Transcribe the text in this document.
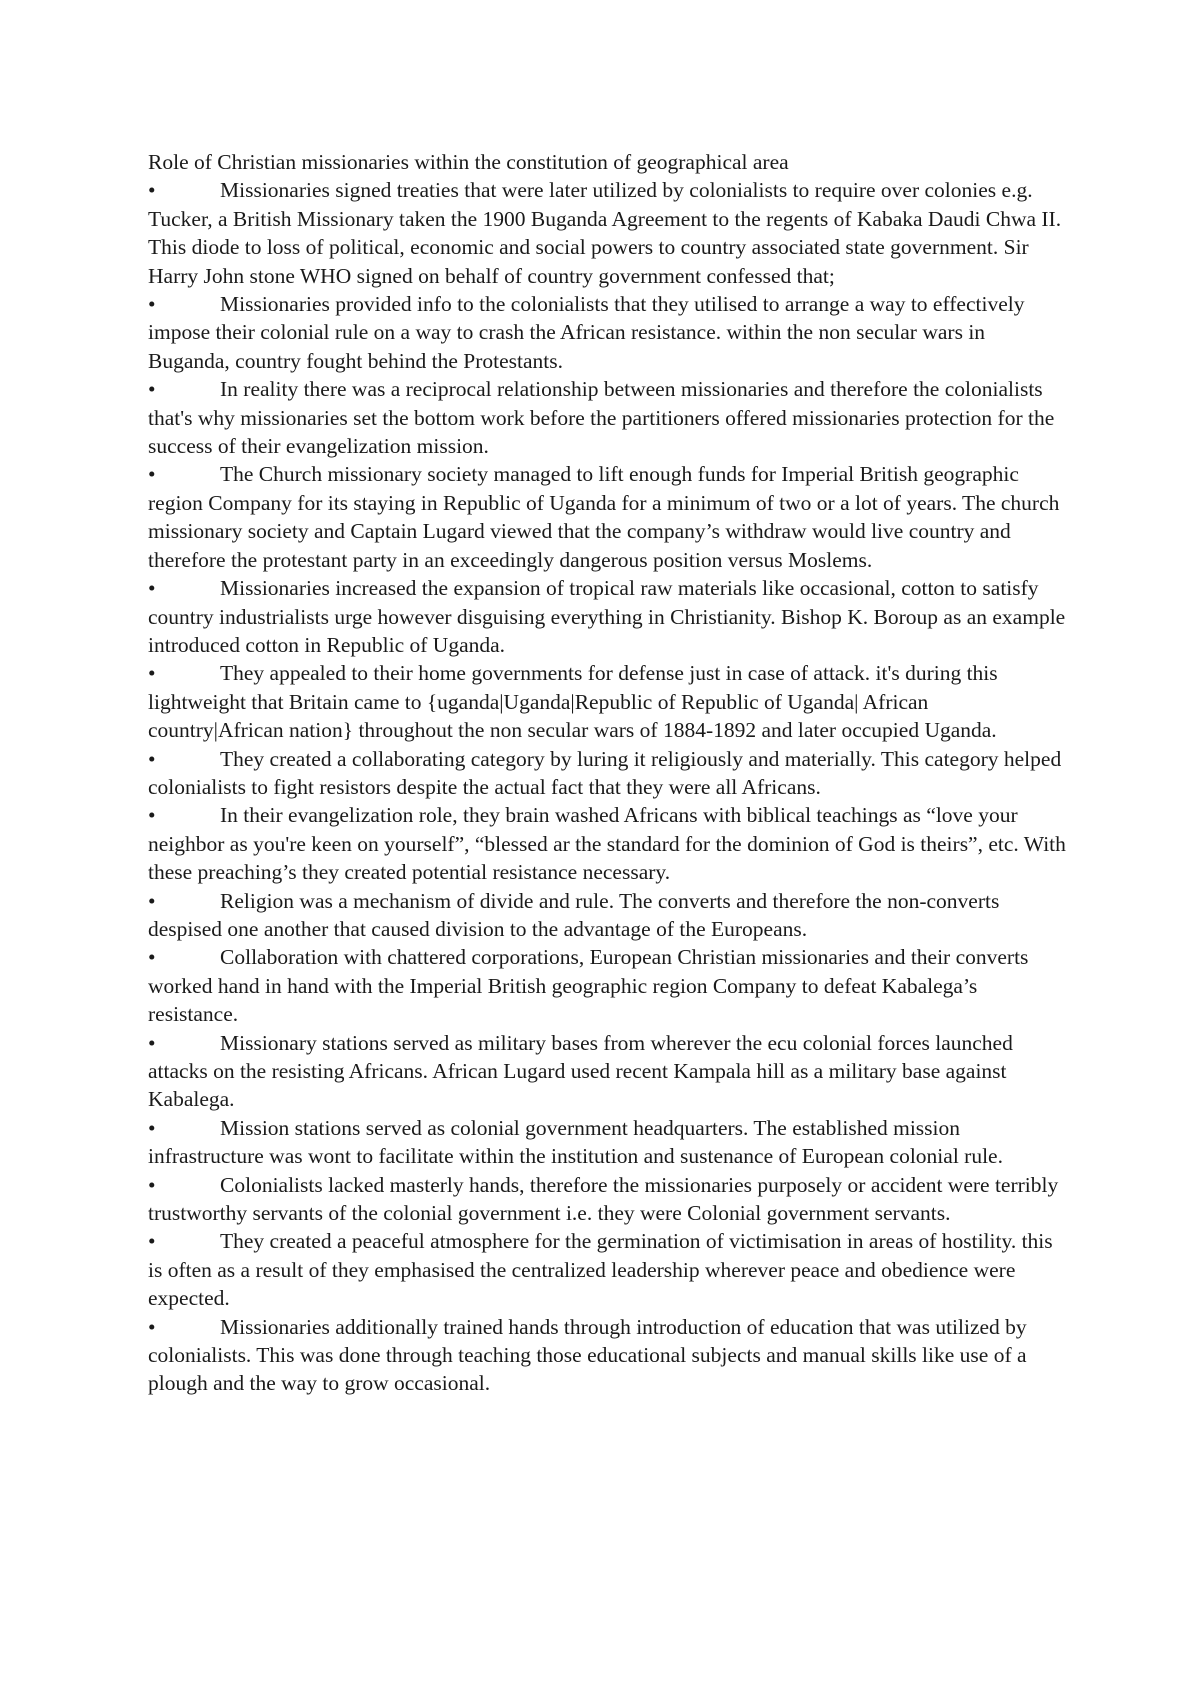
Role of Christian missionaries within the constitution of geographical area

•	Missionaries signed treaties that were later utilized by colonialists to require over colonies e.g. Tucker, a British Missionary taken the 1900 Buganda Agreement to the regents of Kabaka Daudi Chwa II. This diode to loss of political, economic and social powers to country associated state government. Sir Harry John stone WHO signed on behalf of country government confessed that;
•	Missionaries provided info to the colonialists that they utilised to arrange a way to effectively impose their colonial rule on a way to crash the African resistance. within the non secular wars in Buganda, country fought behind the Protestants.
•	In reality there was a reciprocal relationship between missionaries and therefore the colonialists that's why missionaries set the bottom work before the partitioners offered missionaries protection for the success of their evangelization mission.
•	The Church missionary society managed to lift enough funds for Imperial British geographic region Company for its staying in Republic of Uganda for a minimum of two or a lot of years. The church missionary society and Captain Lugard viewed that the company’s withdraw would live country and therefore the protestant party in an exceedingly dangerous position versus Moslems.
•	Missionaries increased the expansion of tropical raw materials like occasional, cotton to satisfy country industrialists urge however disguising everything in Christianity. Bishop K. Boroup as an example introduced cotton in Republic of Uganda.
•	They appealed to their home governments for defense just in case of attack. it's during this lightweight that Britain came to {uganda|Uganda|Republic of Republic of Uganda| African country|African nation} throughout the non secular wars of 1884-1892 and later occupied Uganda.
•	They created a collaborating category by luring it religiously and materially. This category helped colonialists to fight resistors despite the actual fact that they were all Africans.
•	In their evangelization role, they brain washed Africans with biblical teachings as “love your neighbor as you're keen on yourself”, “blessed ar the standard for the dominion of God is theirs”, etc. With these preaching’s they created potential resistance necessary.
•	Religion was a mechanism of divide and rule. The converts and therefore the non-converts despised one another that caused division to the advantage of the Europeans.
•	Collaboration with chattered corporations, European Christian missionaries and their converts worked hand in hand with the Imperial British geographic region Company to defeat Kabalega’s resistance.
•	Missionary stations served as military bases from wherever the ecu colonial forces launched attacks on the resisting Africans. African Lugard used recent Kampala hill as a military base against Kabalega.
•	Mission stations served as colonial government headquarters. The established mission infrastructure was wont to facilitate within the institution and sustenance of European colonial rule.
•	Colonialists lacked masterly hands, therefore the missionaries purposely or accident were terribly trustworthy servants of the colonial government i.e. they were Colonial government servants.
•	They created a peaceful atmosphere for the germination of victimisation in areas of hostility. this is often as a result of they emphasised the centralized leadership wherever peace and obedience were expected.
•	Missionaries additionally trained hands through introduction of education that was utilized by colonialists. This was done through teaching those educational subjects and manual skills like use of a plough and the way to grow occasional.
